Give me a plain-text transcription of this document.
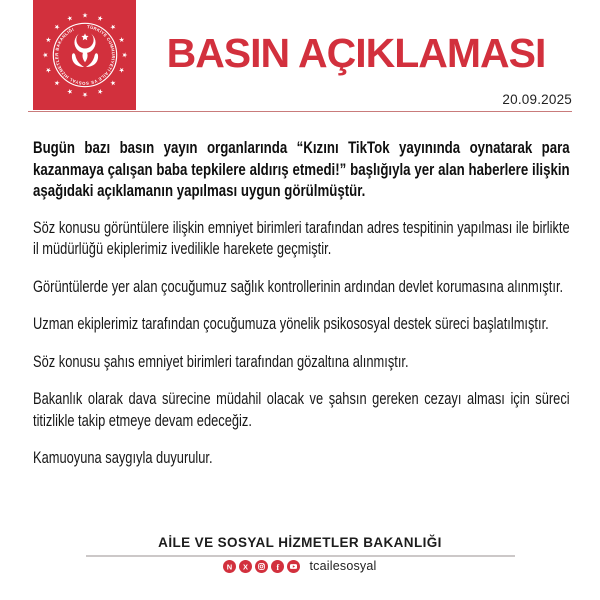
TÜRKİYE CUMHURİYETİ AİLE VE SOSYAL HİZMETLER BAKANLIĞI
BASIN AÇIKLAMASI
20.09.2025

Bugün bazı basın yayın organlarında “Kızını TikTok yayınında oynatarak para kazanmaya çalışan baba tepkilere aldırış etmedi!” başlığıyla yer alan haberlere ilişkin aşağıdaki açıklamanın yapılması uygun görülmüştür.

Söz konusu görüntülere ilişkin emniyet birimleri tarafından adres tespitinin yapılması ile birlikte il müdürlüğü ekiplerimiz ivedilikle harekete geçmiştir.

Görüntülerde yer alan çocuğumuz sağlık kontrollerinin ardından devlet korumasına alınmıştır.

Uzman ekiplerimiz tarafından çocuğumuza yönelik psikososyal destek süreci başlatılmıştır.

Söz konusu şahıs emniyet birimleri tarafından gözaltına alınmıştır.

Bakanlık olarak dava sürecine müdahil olacak ve şahsın gereken cezayı alması için süreci titizlikle takip etmeye devam edeceğiz.

Kamuoyuna saygıyla duyurulur.

AİLE VE SOSYAL HİZMETLER BAKANLIĞI
N X	f tcailesosyal
